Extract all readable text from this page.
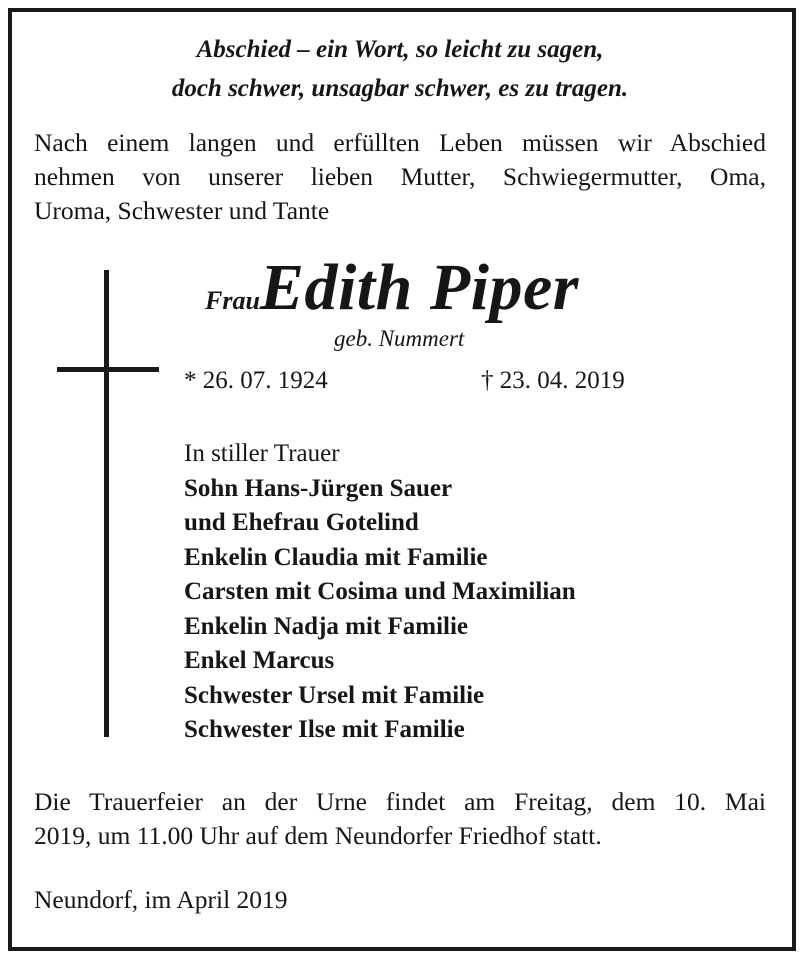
Abschied – ein Wort, so leicht zu sagen,
doch schwer, unsagbar schwer, es zu tragen.
Nach einem langen und erfüllten Leben müssen wir Abschied
nehmen von unserer lieben Mutter, Schwiegermutter, Oma,
Uroma, Schwester und Tante
FrauEdith Piper
geb. Nummert
* 26. 07. 1924	† 23. 04. 2019
In stiller Trauer
Sohn Hans-Jürgen Sauer
und Ehefrau Gotelind
Enkelin Claudia mit Familie
Carsten mit Cosima und Maximilian
Enkelin Nadja mit Familie
Enkel Marcus
Schwester Ursel mit Familie
Schwester Ilse mit Familie
Die Trauerfeier an der Urne findet am Freitag, dem 10. Mai
2019, um 11.00 Uhr auf dem Neundorfer Friedhof statt.
Neundorf, im April 2019
